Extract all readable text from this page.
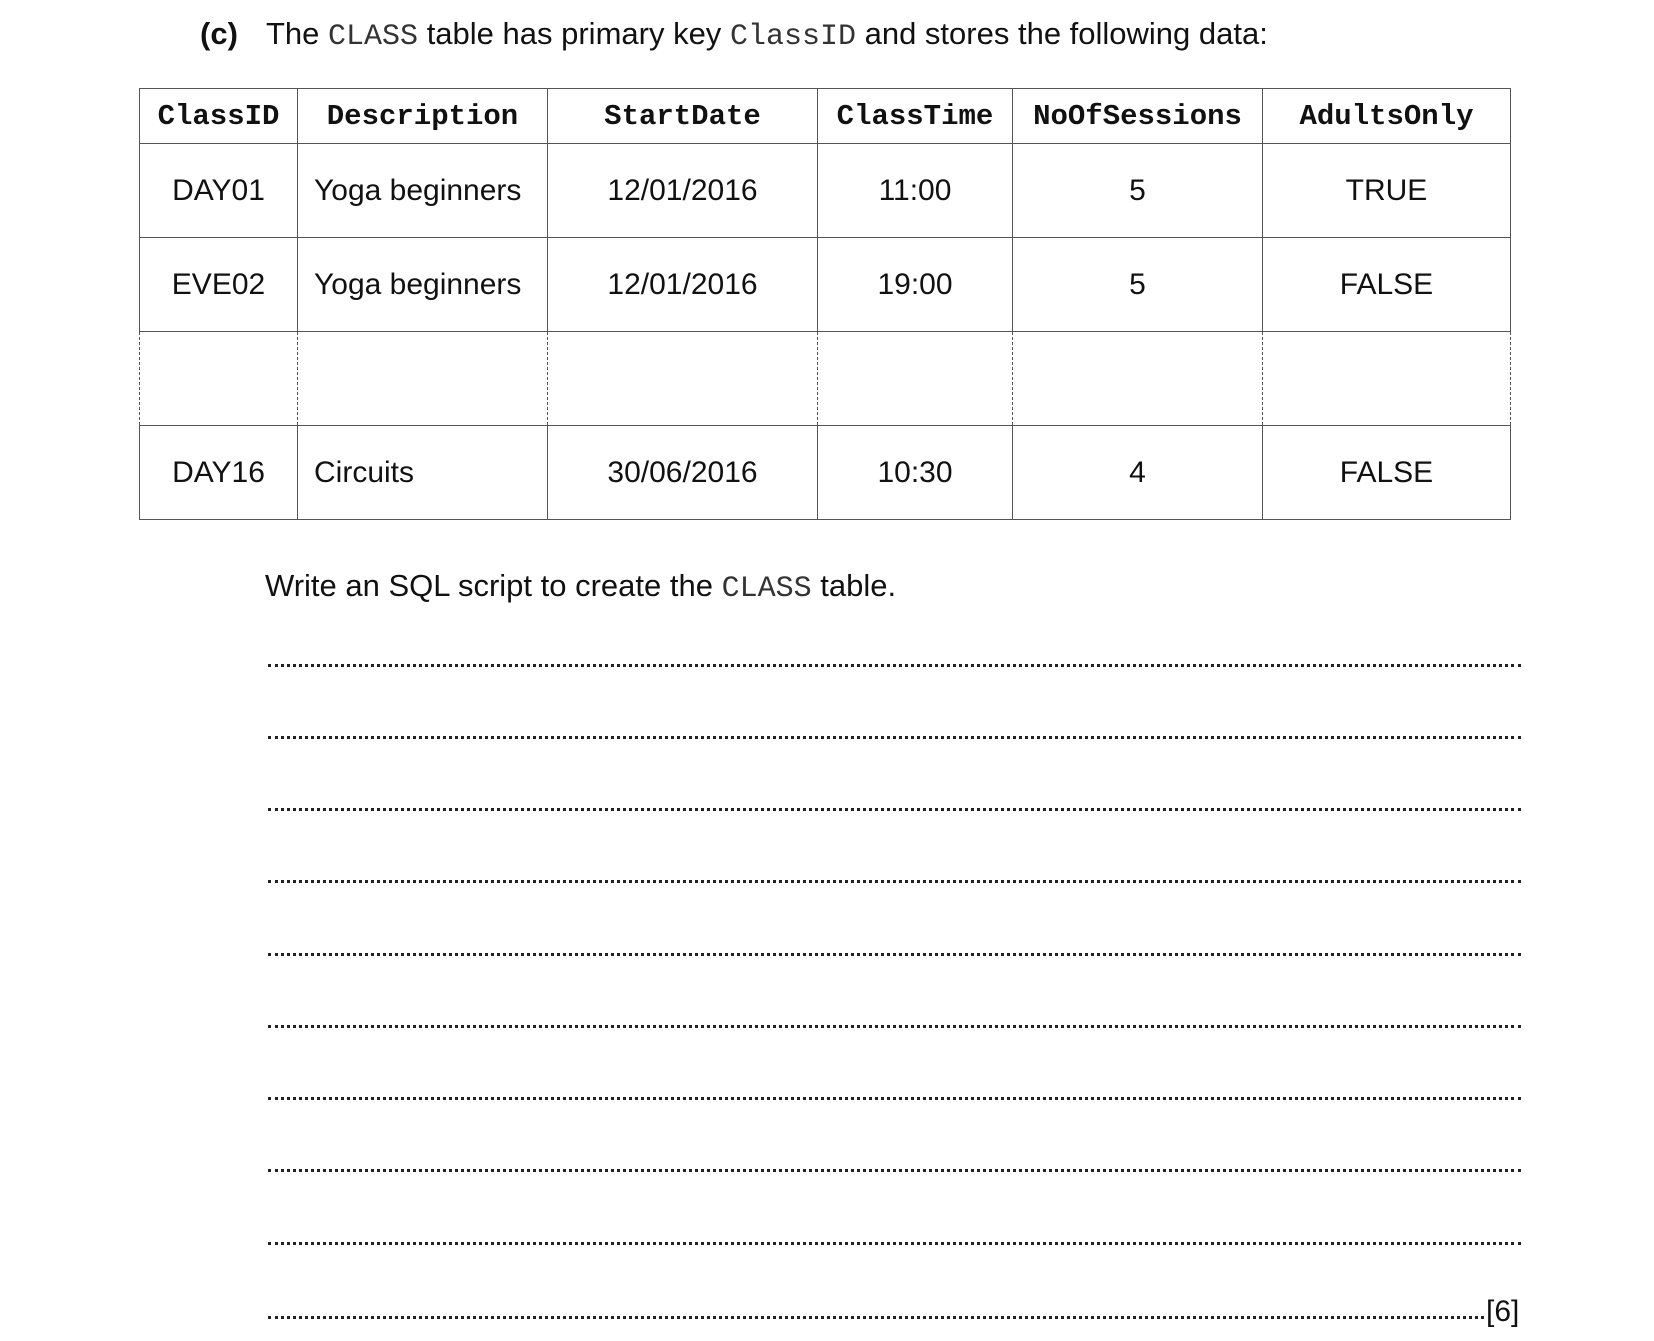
(c) The CLASS table has primary key ClassID and stores the following data:
ClassID	Description	StartDate	ClassTime	NoOfSessions	AdultsOnly
DAY01	Yoga beginners	12/01/2016	11:00	5	TRUE
EVE02	Yoga beginners	12/01/2016	19:00	5	FALSE

DAY16	Circuits	30/06/2016	10:30	4	FALSE
Write an SQL script to create the CLASS table.
[6]
